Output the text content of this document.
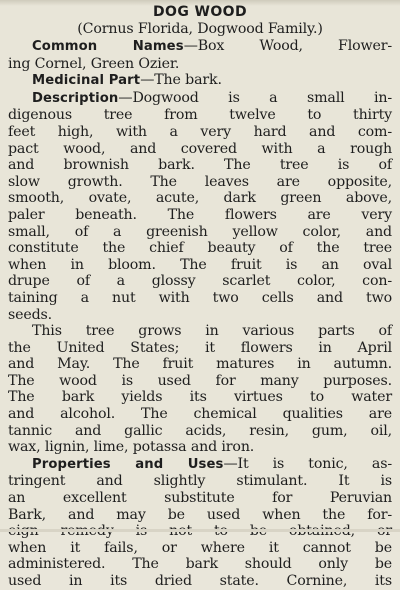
DOG WOOD
(Cornus Florida, Dogwood Family.)
Common Names—Box Wood, Flower-
ing Cornel, Green Ozier.
Medicinal Part—The bark.
Description—Dogwood is a small in-
digenous tree from twelve to thirty
feet high, with a very hard and com-
pact wood, and covered with a rough
and brownish bark. The tree is of
slow growth. The leaves are opposite,
smooth, ovate, acute, dark green above,
paler beneath. The flowers are very
small, of a greenish yellow color, and
constitute the chief beauty of the tree
when in bloom. The fruit is an oval
drupe of a glossy scarlet color, con-
taining a nut with two cells and two
seeds.
This tree grows in various parts of
the United States; it flowers in April
and May. The fruit matures in autumn.
The wood is used for many purposes.
The bark yields its virtues to water
and alcohol. The chemical qualities are
tannic and gallic acids, resin, gum, oil,
wax, lignin, lime, potassa and iron.
Properties and Uses—It is tonic, as-
tringent and slightly stimulant. It is
an excellent substitute for Peruvian
Bark, and may be used when the for-
when it fails, or where it cannot be
administered. The bark should only be
used in its dried state. Cornine, its
